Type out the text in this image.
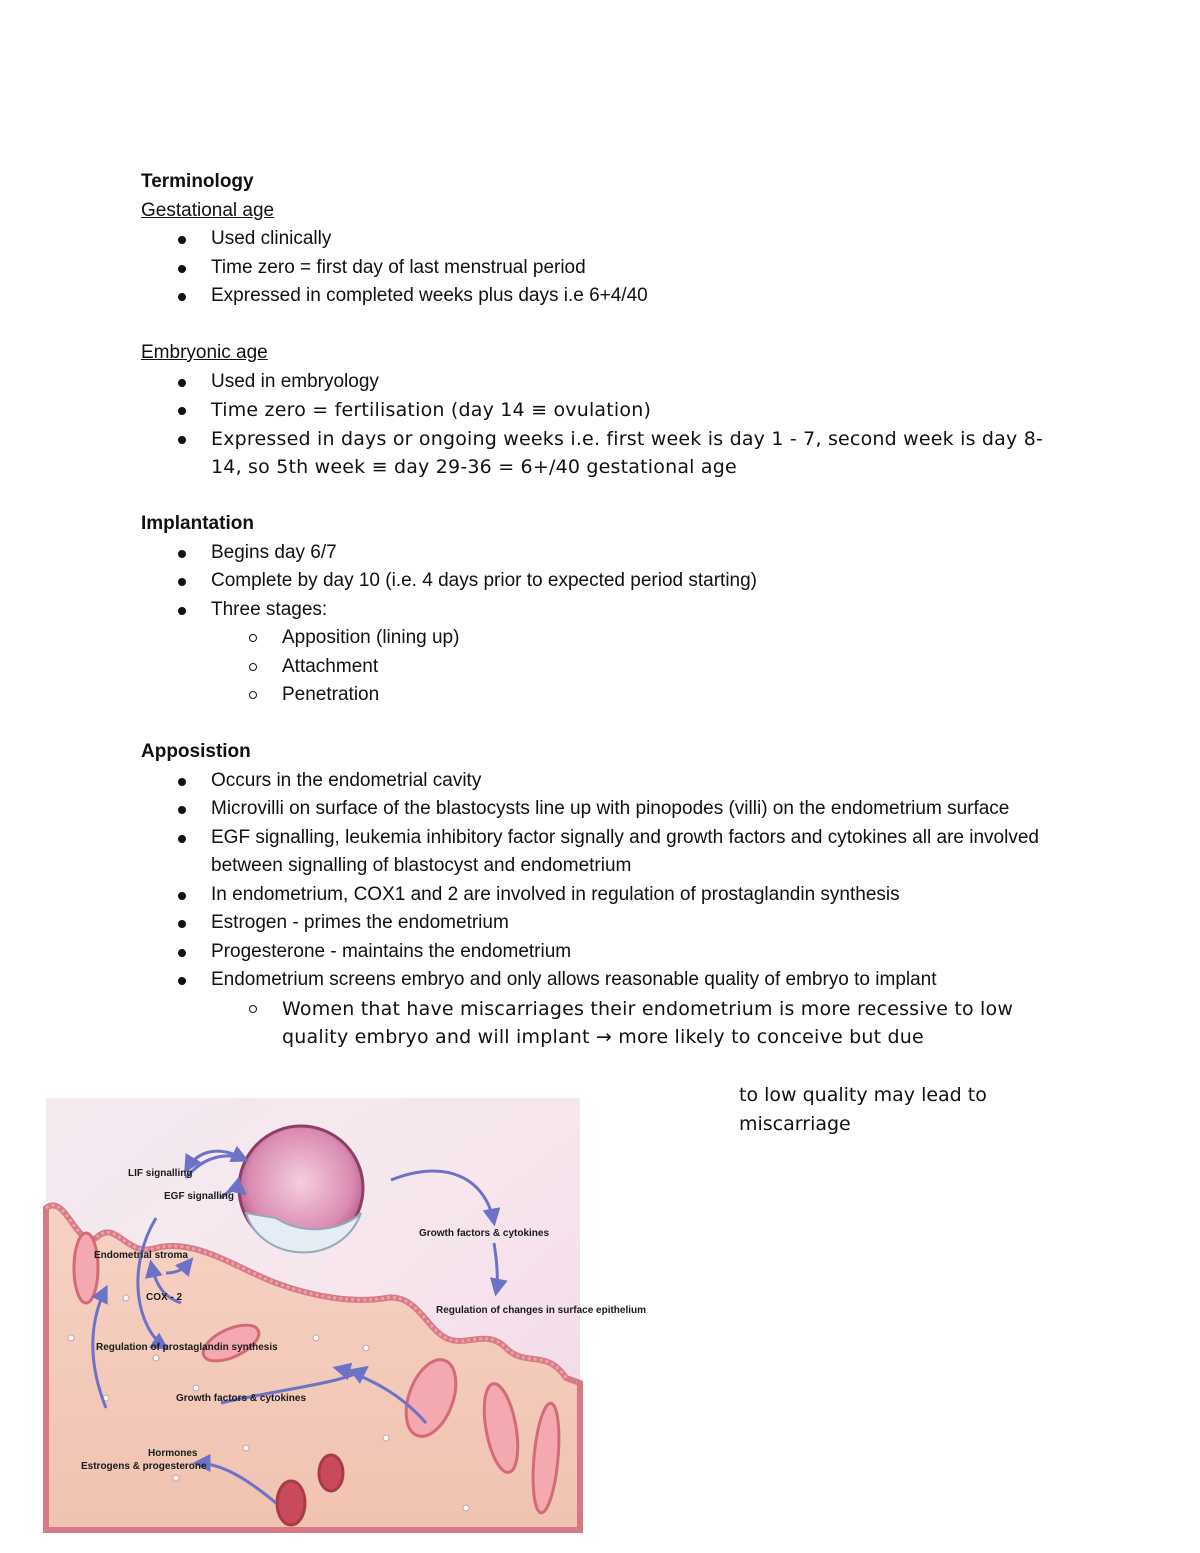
Terminology
Gestational age
Used clinically
Time zero = first day of last menstrual period
Expressed in completed weeks plus days i.e 6+4/40
Embryonic age
Used in embryology
Time zero = fertilisation (day 14 ≡ ovulation)
Expressed in days or ongoing weeks i.e. first week is day 1 - 7, second week is day 8-14, so 5th week ≡ day 29-36 = 6+/40 gestational age
Implantation
Begins day 6/7
Complete by day 10 (i.e. 4 days prior to expected period starting)
Three stages:
Apposition (lining up)
Attachment
Penetration
Apposistion
Occurs in the endometrial cavity
Microvilli on surface of the blastocysts line up with pinopodes (villi) on the endometrium surface
EGF signalling, leukemia inhibitory factor signally and growth factors and cytokines all are involved between signalling of blastocyst and endometrium
In endometrium, COX1 and 2 are involved in regulation of prostaglandin synthesis
Estrogen - primes the endometrium
Progesterone - maintains the endometrium
Endometrium screens embryo and only allows reasonable quality of embryo to implant
Women that have miscarriages their endometrium is more recessive to low quality embryo and will implant → more likely to conceive but due
to low quality may lead to miscarriage
LIF signalling
EGF signalling
Endometrial stroma
COX - 2
Regulation of prostaglandin synthesis
Growth factors & cytokines
Hormones
Estrogens & progesterone
Growth factors & cytokines
Regulation of changes in surface epithelium
